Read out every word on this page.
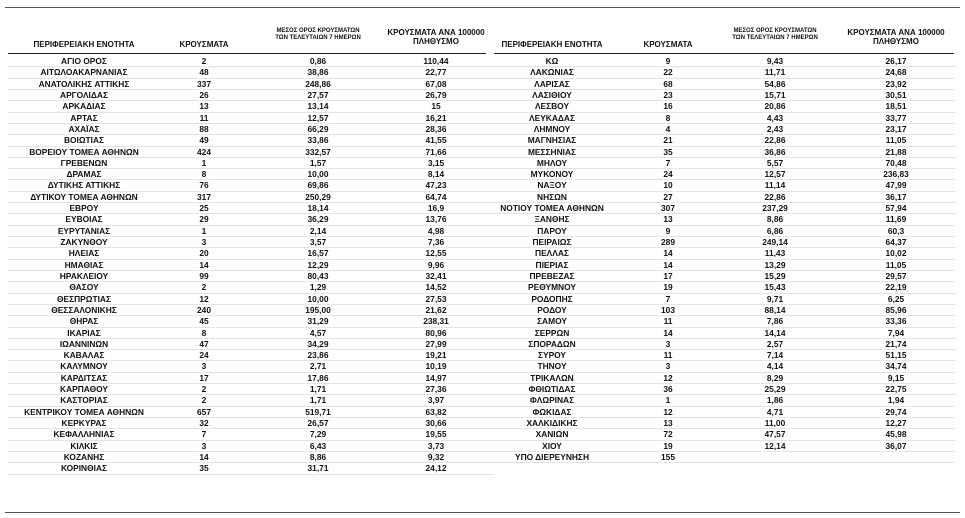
ΠΕΡΙΦΕΡΕΙΑΚΗ ΕΝΟΤΗΤΑ	ΚΡΟΥΣΜΑΤΑ
ΜΕΣΟΣ ΟΡΟΣ ΚΡΟΥΣΜΑΤΩΝ
ΤΩΝ ΤΕΛΕΥΤΑΙΩΝ 7 ΗΜΕΡΩΝ
ΚΡΟΥΣΜΑΤΑ ΑΝΑ 100000
ΠΛΗΘΥΣΜΟ
ΑΓΙΟ ΟΡΟΣ	2	0,86	110,44
ΑΙΤΩΛΟΑΚΑΡΝΑΝΙΑΣ	48	38,86	22,77
ΑΝΑΤΟΛΙΚΗΣ ΑΤΤΙΚΗΣ	337	248,86	67,08
ΑΡΓΟΛΙΔΑΣ	26	27,57	26,79
ΑΡΚΑΔΙΑΣ	13	13,14	15
ΑΡΤΑΣ	11	12,57	16,21
ΑΧΑΪΑΣ	88	66,29	28,36
ΒΟΙΩΤΙΑΣ	49	33,86	41,55
ΒΟΡΕΙΟΥ ΤΟΜΕΑ ΑΘΗΝΩΝ	424	332,57	71,66
ΓΡΕΒΕΝΩΝ	1	1,57	3,15
ΔΡΑΜΑΣ	8	10,00	8,14
ΔΥΤΙΚΗΣ ΑΤΤΙΚΗΣ	76	69,86	47,23
ΔΥΤΙΚΟΥ ΤΟΜΕΑ ΑΘΗΝΩΝ	317	250,29	64,74
ΕΒΡΟΥ	25	18,14	16,9
ΕΥΒΟΙΑΣ	29	36,29	13,76
ΕΥΡΥΤΑΝΙΑΣ	1	2,14	4,98
ΖΑΚΥΝΘΟΥ	3	3,57	7,36
ΗΛΕΙΑΣ	20	16,57	12,55
ΗΜΑΘΙΑΣ	14	12,29	9,96
ΗΡΑΚΛΕΙΟΥ	99	80,43	32,41
ΘΑΣΟΥ	2	1,29	14,52
ΘΕΣΠΡΩΤΙΑΣ	12	10,00	27,53
ΘΕΣΣΑΛΟΝΙΚΗΣ	240	195,00	21,62
ΘΗΡΑΣ	45	31,29	238,31
ΙΚΑΡΙΑΣ	8	4,57	80,96
ΙΩΑΝΝΙΝΩΝ	47	34,29	27,99
ΚΑΒΑΛΑΣ	24	23,86	19,21
ΚΑΛΥΜΝΟΥ	3	2,71	10,19
ΚΑΡΔΙΤΣΑΣ	17	17,86	14,97
ΚΑΡΠΑΘΟΥ	2	1,71	27,36
ΚΑΣΤΟΡΙΑΣ	2	1,71	3,97
ΚΕΝΤΡΙΚΟΥ ΤΟΜΕΑ ΑΘΗΝΩΝ	657	519,71	63,82
ΚΕΡΚΥΡΑΣ	32	26,57	30,66
ΚΕΦΑΛΛΗΝΙΑΣ	7	7,29	19,55
ΚΙΛΚΙΣ	3	6,43	3,73
ΚΟΖΑΝΗΣ	14	8,86	9,32
ΚΟΡΙΝΘΙΑΣ	35	31,71	24,12
ΠΕΡΙΦΕΡΕΙΑΚΗ ΕΝΟΤΗΤΑ	ΚΡΟΥΣΜΑΤΑ
ΜΕΣΟΣ ΟΡΟΣ ΚΡΟΥΣΜΑΤΩΝ
ΤΩΝ ΤΕΛΕΥΤΑΙΩΝ 7 ΗΜΕΡΩΝ
ΚΡΟΥΣΜΑΤΑ ΑΝΑ 100000
ΠΛΗΘΥΣΜΟ
ΚΩ	9	9,43	26,17
ΛΑΚΩΝΙΑΣ	22	11,71	24,68
ΛΑΡΙΣΑΣ	68	54,86	23,92
ΛΑΣΙΘΙΟΥ	23	15,71	30,51
ΛΕΣΒΟΥ	16	20,86	18,51
ΛΕΥΚΑΔΑΣ	8	4,43	33,77
ΛΗΜΝΟΥ	4	2,43	23,17
ΜΑΓΝΗΣΙΑΣ	21	22,86	11,05
ΜΕΣΣΗΝΙΑΣ	35	36,86	21,88
ΜΗΛΟΥ	7	5,57	70,48
ΜΥΚΟΝΟΥ	24	12,57	236,83
ΝΑΞΟΥ	10	11,14	47,99
ΝΗΣΩΝ	27	22,86	36,17
ΝΟΤΙΟΥ ΤΟΜΕΑ ΑΘΗΝΩΝ	307	237,29	57,94
ΞΑΝΘΗΣ	13	8,86	11,69
ΠΑΡΟΥ	9	6,86	60,3
ΠΕΙΡΑΙΩΣ	289	249,14	64,37
ΠΕΛΛΑΣ	14	11,43	10,02
ΠΙΕΡΙΑΣ	14	13,29	11,05
ΠΡΕΒΕΖΑΣ	17	15,29	29,57
ΡΕΘΥΜΝΟΥ	19	15,43	22,19
ΡΟΔΟΠΗΣ	7	9,71	6,25
ΡΟΔΟΥ	103	88,14	85,96
ΣΑΜΟΥ	11	7,86	33,36
ΣΕΡΡΩΝ	14	14,14	7,94
ΣΠΟΡΑΔΩΝ	3	2,57	21,74
ΣΥΡΟΥ	11	7,14	51,15
ΤΗΝΟΥ	3	4,14	34,74
ΤΡΙΚΑΛΩΝ	12	8,29	9,15
ΦΘΙΩΤΙΔΑΣ	36	25,29	22,75
ΦΛΩΡΙΝΑΣ	1	1,86	1,94
ΦΩΚΙΔΑΣ	12	4,71	29,74
ΧΑΛΚΙΔΙΚΗΣ	13	11,00	12,27
ΧΑΝΙΩΝ	72	47,57	45,98
ΧΙΟΥ	19	12,14	36,07
ΥΠΟ ΔΙΕΡΕΥΝΗΣΗ	155
